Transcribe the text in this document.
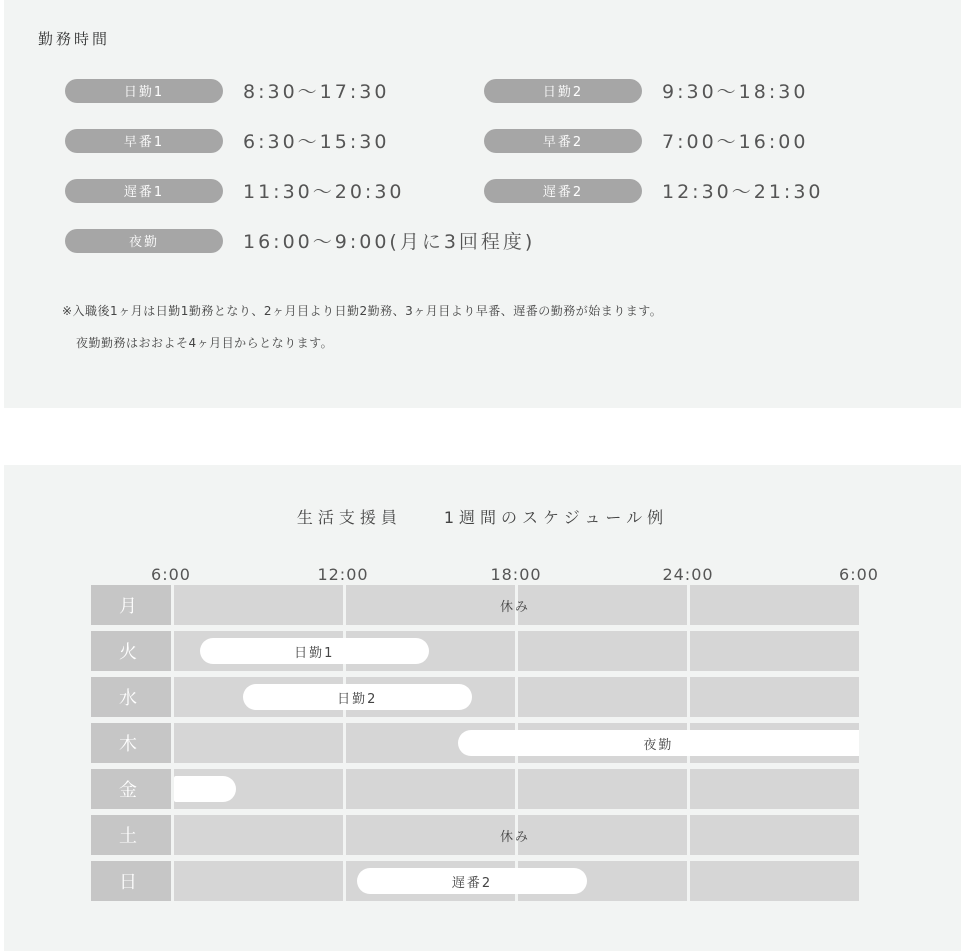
勤務時間
日勤1	8:30～17:30	日勤2	9:30～18:30
早番1	6:30～15:30	早番2	7:00～16:00
遅番1	11:30～20:30	遅番2	12:30～21:30
夜勤	16:00～9:00(月に3回程度)
※入職後1ヶ月は日勤1勤務となり、2ヶ月目より日勤2勤務、3ヶ月目より早番、遅番の勤務が始まります。
夜勤勤務はおおよそ4ヶ月目からとなります。
生活支援員　　1週間のスケジュール例
6:00	12:00	18:00	24:00	6:00
月	休み
火	日勤1
水	日勤2
木	夜勤
金
土	休み
日	遅番2
